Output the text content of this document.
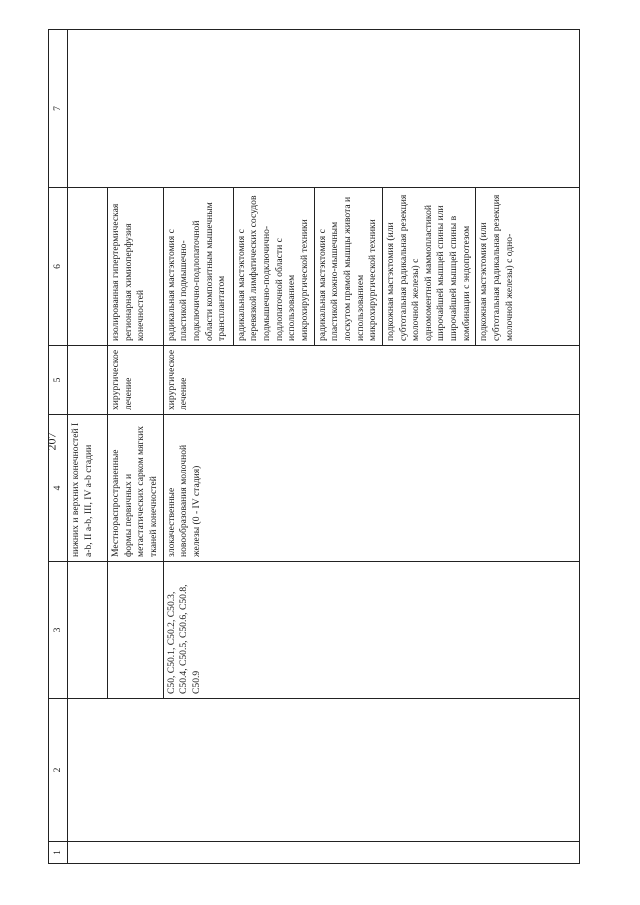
207
1	2	3	4	5	6	7
			нижних и верхних конечностей I a-b, II a-b, III, IV a-b стадии			
			Местнораспространенные формы первичных и метастатических сарком мягких тканей конечностей	хирургическое лечение	изолированная гипертермическая регионарная химиоперфузия конечностей	
		C50, C50.1, C50.2, C50.3, C50.4, C50.5, C50.6, C50.8, C50.9	злокачественные новообразования молочной железы (0 - IV стадия)	хирургическое лечение	радикальная мастэктомия с пластикой подмышечно-подключично-подлопаточной области композитным мышечным трансплантатом	
					радикальная мастэктомия с перевязкой лимфатических сосудов подмышечно-подключично-подлопаточной области с использованием микрохирургической техники	
					радикальная мастэктомия с пластикой кожно-мышечным лоскутом прямой мышцы живота и использованием микрохирургической техники	
					подкожная мастэктомия (или субтотальная радикальная резекция молочной железы) с одномоментной маммопластикой широчайшей мышцей спины или широчайшей мышцей спины в комбинации с эндопротезом	
					подкожная мастэктомия (или субтотальная радикальная резекция молочной железы) с одно-	
